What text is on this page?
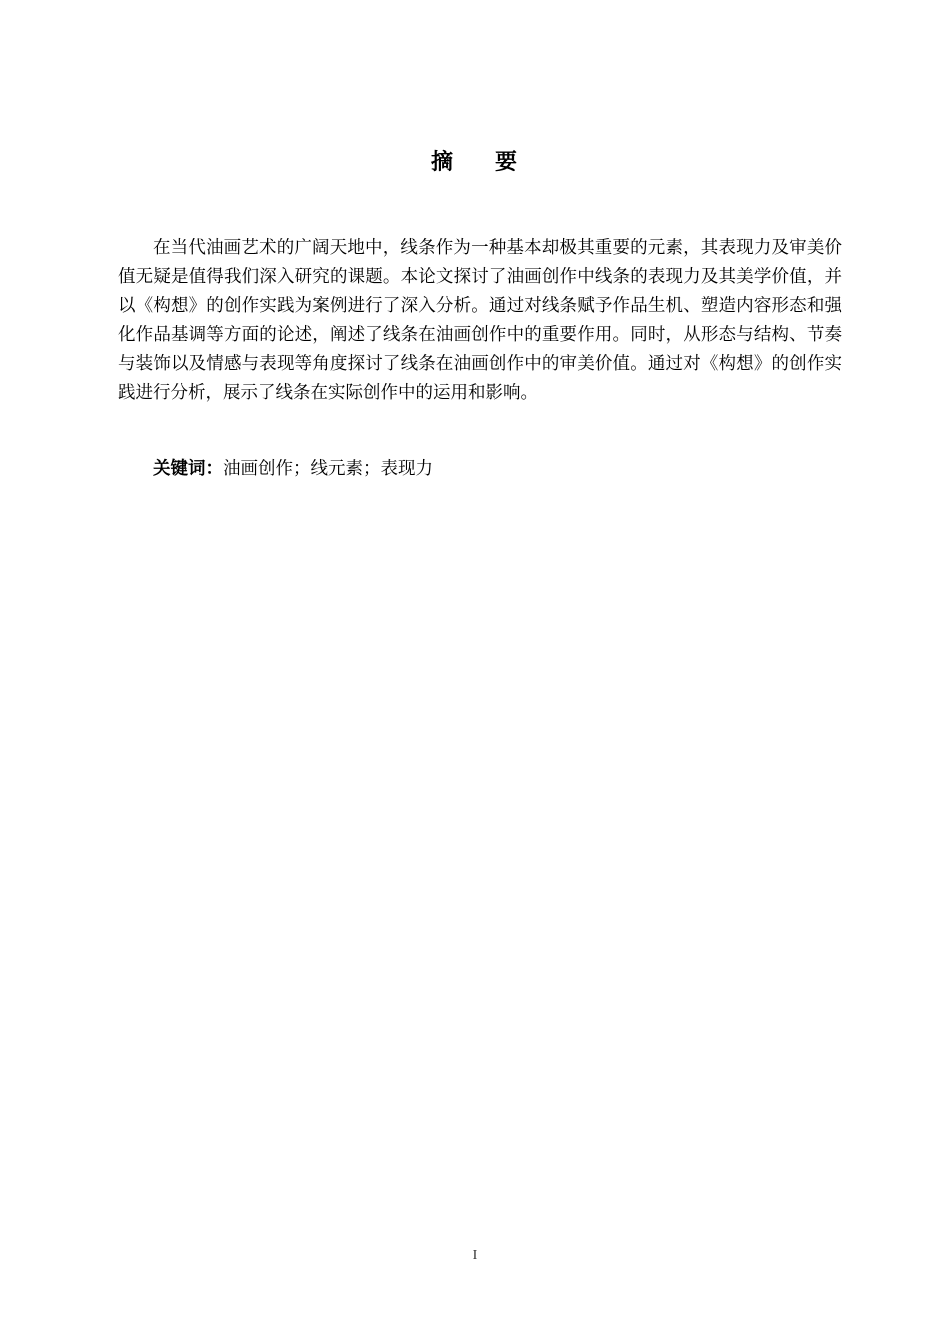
摘 要

在当代油画艺术的广阔天地中，线条作为一种基本却极其重要的元素，其表现力及审美价值无疑是值得我们深入研究的课题。本论文探讨了油画创作中线条的表现力及其美学价值，并以《构想》的创作实践为案例进行了深入分析。通过对线条赋予作品生机、塑造内容形态和强化作品基调等方面的论述，阐述了线条在油画创作中的重要作用。同时，从形态与结构、节奏与装饰以及情感与表现等角度探讨了线条在油画创作中的审美价值。通过对《构想》的创作实践进行分析，展示了线条在实际创作中的运用和影响。

关键词：油画创作；线元素；表现力

I
